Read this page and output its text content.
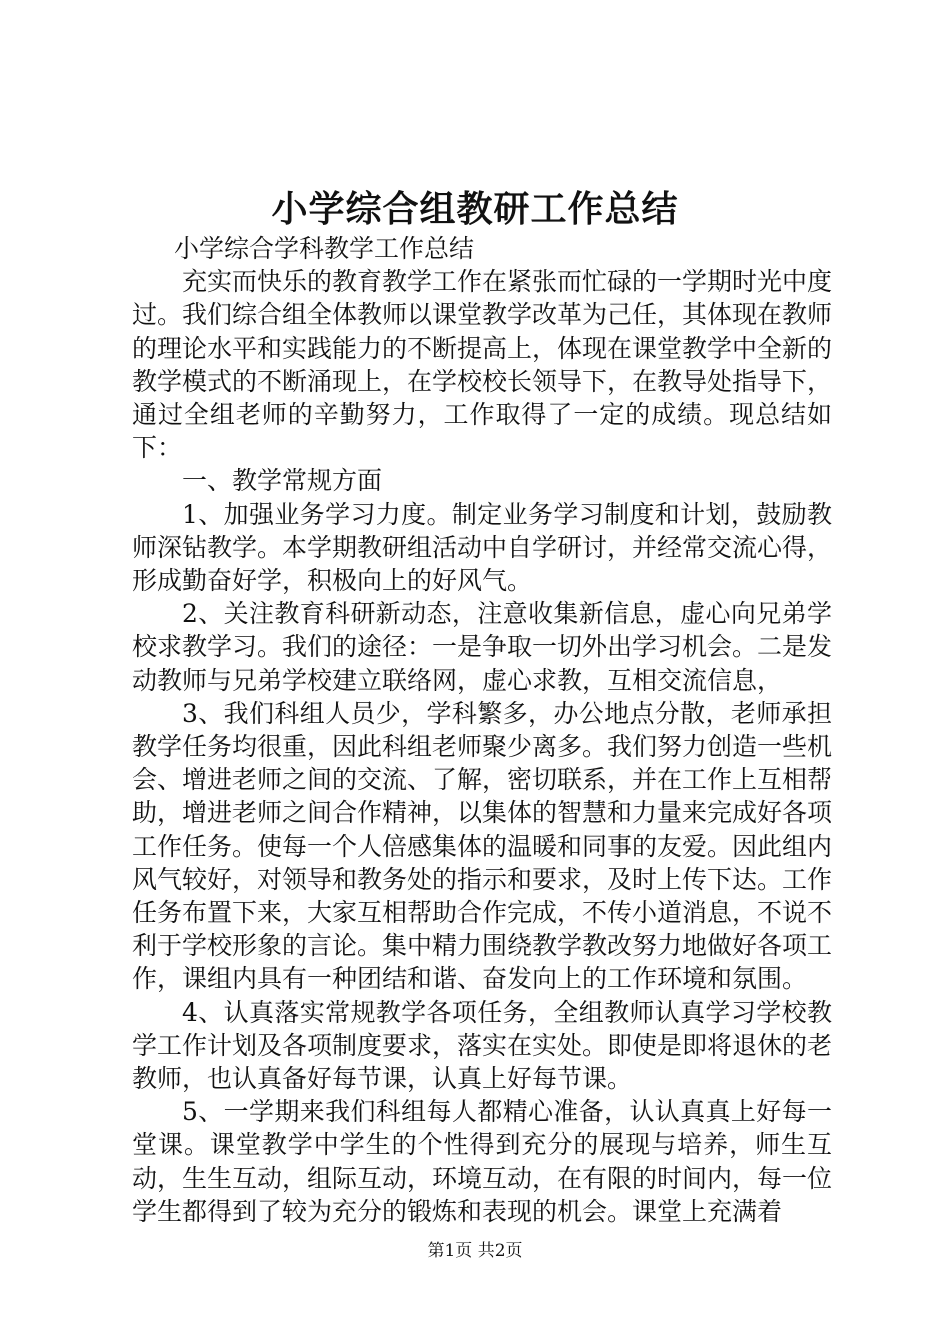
小学综合组教研工作总结

小学综合学科教学工作总结

充实而快乐的教育教学工作在紧张而忙碌的一学期时光中度过。我们综合组全体教师以课堂教学改革为己任，其体现在教师的理论水平和实践能力的不断提高上，体现在课堂教学中全新的教学模式的不断涌现上，在学校校长领导下，在教导处指导下，通过全组老师的辛勤努力，工作取得了一定的成绩。现总结如下：

一、教学常规方面

1、加强业务学习力度。制定业务学习制度和计划，鼓励教师深钻教学。本学期教研组活动中自学研讨，并经常交流心得，形成勤奋好学，积极向上的好风气。

2、关注教育科研新动态，注意收集新信息，虚心向兄弟学校求教学习。我们的途径：一是争取一切外出学习机会。二是发动教师与兄弟学校建立联络网，虚心求教，互相交流信息，

3、我们科组人员少，学科繁多，办公地点分散，老师承担教学任务均很重，因此科组老师聚少离多。我们努力创造一些机会、增进老师之间的交流、了解，密切联系，并在工作上互相帮助，增进老师之间合作精神，以集体的智慧和力量来完成好各项工作任务。使每一个人倍感集体的温暖和同事的友爱。因此组内风气较好，对领导和教务处的指示和要求，及时上传下达。工作任务布置下来，大家互相帮助合作完成，不传小道消息，不说不利于学校形象的言论。集中精力围绕教学教改努力地做好各项工作，课组内具有一种团结和谐、奋发向上的工作环境和氛围。

4、认真落实常规教学各项任务，全组教师认真学习学校教学工作计划及各项制度要求，落实在实处。即使是即将退休的老教师，也认真备好每节课，认真上好每节课。

5、一学期来我们科组每人都精心准备，认认真真上好每一堂课。课堂教学中学生的个性得到充分的展现与培养，师生互动，生生互动，组际互动，环境互动，在有限的时间内，每一位学生都得到了较为充分的锻炼和表现的机会。课堂上充满着

第1页 共2页
